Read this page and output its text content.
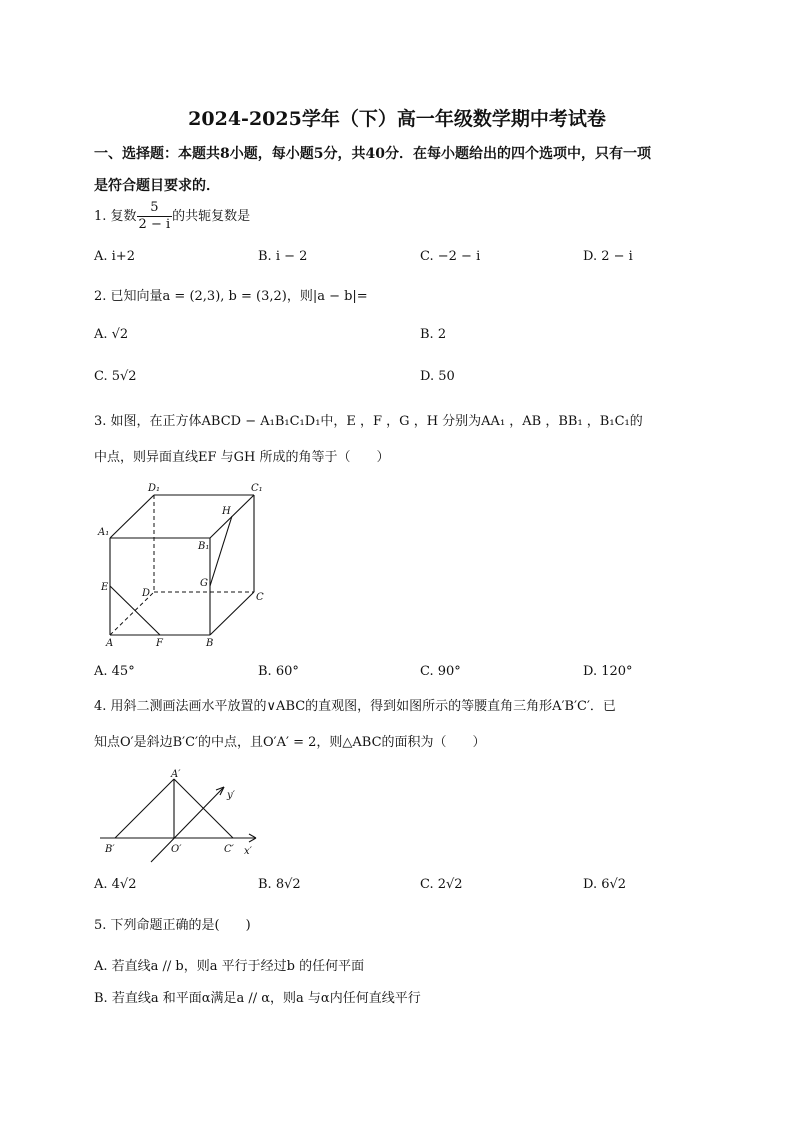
2024-2025学年（下）高一年级数学期中考试卷
一、选择题：本题共8小题，每小题5分，共40分．在每小题给出的四个选项中，只有一项
是符合题目要求的．
1. 复数 $\frac{5}{2 - i}$ 的共轭复数是
A. i+2	B. i − 2	C. −2 − i	D. 2 − i
2. 已知向量a = (2,3), b = (3,2)，则|a − b|=
A. √2	B. 2
C. 5√2	D. 50
3. 如图，在正方体ABCD − A₁B₁C₁D₁中，E ，F ，G ，H 分别为AA₁ ，AB ，BB₁ ，B₁C₁的
中点，则异面直线EF 与GH 所成的角等于（　　）
D₁	C₁
A₁
B₁
H
G
E
D	C
A	F	B
A. 45°	B. 60°	C. 90°	D. 120°
4. 用斜二测画法画水平放置的∨ABC的直观图，得到如图所示的等腰直角三角形A′B′C′．已
知点O′是斜边B′C′的中点，且O′A′ = 2，则△ABC的面积为（　　）
A′
y′
B′	O′	C′ x′
A. 4√2	B. 8√2	C. 2√2	D. 6√2
5. 下列命题正确的是(　　)
A. 若直线a // b，则a 平行于经过b 的任何平面
B. 若直线a 和平面α满足a // α，则a 与α内任何直线平行
